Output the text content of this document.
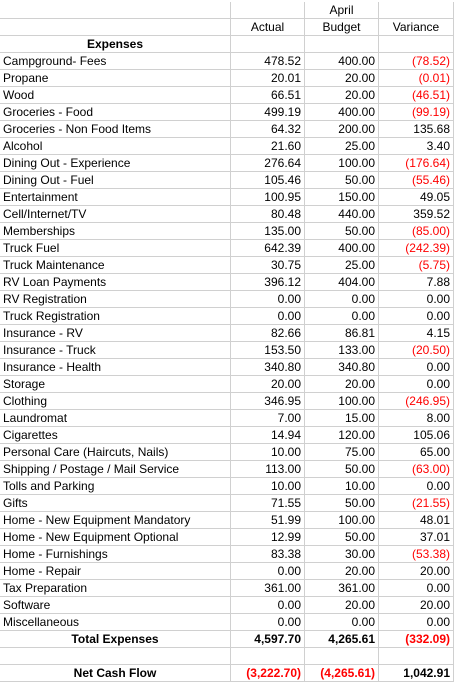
April
Actual	Budget	Variance
Expenses
Campground- Fees	478.52	400.00	(78.52)
Propane	20.01	20.00	(0.01)
Wood	66.51	20.00	(46.51)
Groceries - Food	499.19	400.00	(99.19)
Groceries - Non Food Items	64.32	200.00	135.68
Alcohol	21.60	25.00	3.40
Dining Out - Experience	276.64	100.00	(176.64)
Dining Out - Fuel	105.46	50.00	(55.46)
Entertainment	100.95	150.00	49.05
Cell/Internet/TV	80.48	440.00	359.52
Memberships	135.00	50.00	(85.00)
Truck Fuel	642.39	400.00	(242.39)
Truck Maintenance	30.75	25.00	(5.75)
RV Loan Payments	396.12	404.00	7.88
RV Registration	0.00	0.00	0.00
Truck Registration	0.00	0.00	0.00
Insurance - RV	82.66	86.81	4.15
Insurance - Truck	153.50	133.00	(20.50)
Insurance - Health	340.80	340.80	0.00
Storage	20.00	20.00	0.00
Clothing	346.95	100.00	(246.95)
Laundromat	7.00	15.00	8.00
Cigarettes	14.94	120.00	105.06
Personal Care (Haircuts, Nails)	10.00	75.00	65.00
Shipping / Postage / Mail Service	113.00	50.00	(63.00)
Tolls and Parking	10.00	10.00	0.00
Gifts	71.55	50.00	(21.55)
Home - New Equipment Mandatory	51.99	100.00	48.01
Home - New Equipment Optional	12.99	50.00	37.01
Home - Furnishings	83.38	30.00	(53.38)
Home - Repair	0.00	20.00	20.00
Tax Preparation	361.00	361.00	0.00
Software	0.00	20.00	20.00
Miscellaneous	0.00	0.00	0.00
Total Expenses	4,597.70	4,265.61	(332.09)
Net Cash Flow	(3,222.70)	(4,265.61)	1,042.91
